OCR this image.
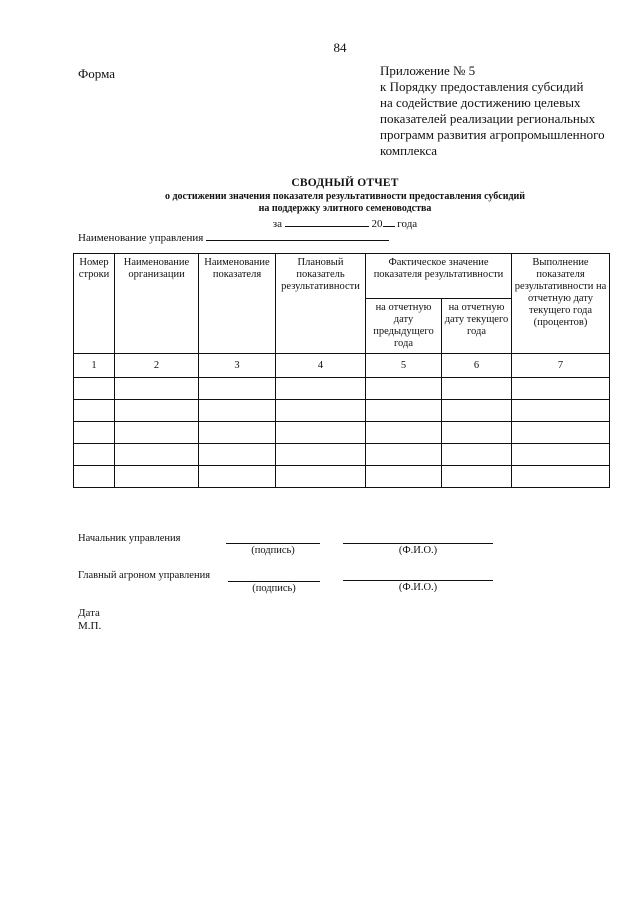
84
Форма	Приложение № 5
к Порядку предоставления субсидий
на содействие достижению целевых
показателей реализации региональных
программ развития агропромышленного
комплекса
СВОДНЫЙ ОТЧЕТ
о достижении значения показателя результативности предоставления субсидий
на поддержку элитного семеноводства
за	20 года
Наименование управления
Номер строки	Наименование организации	Наименование показателя	Плановый показатель результативности	Фактическое значение показателя результативности		Выполнение показателя результативности на отчетную дату текущего года (процентов)
				на отчетную дату предыдущего года	на отчетную дату текущего года	
1	2	3	4	5	6	7

Начальник управления
(подпись)	(Ф.И.О.)
Главный агроном управления
(подпись)	(Ф.И.О.)
Дата
М.П.
